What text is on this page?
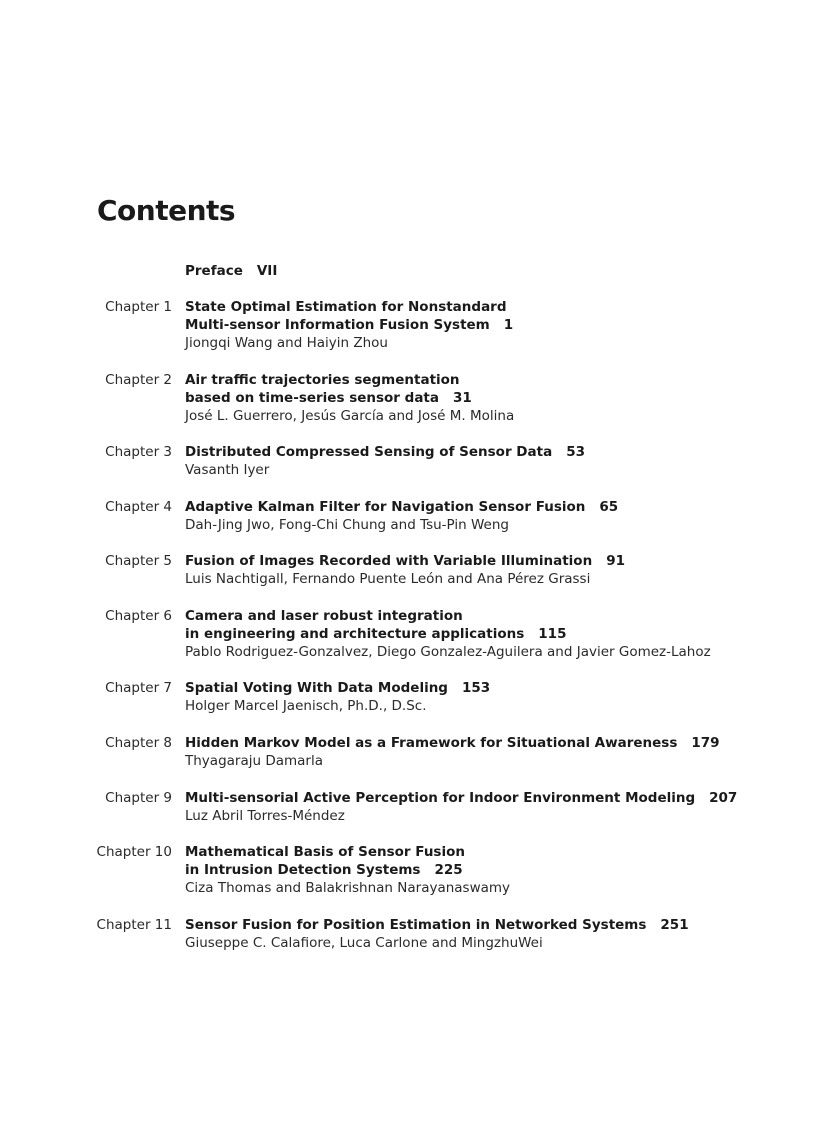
Contents
Preface VII
Chapter 1 State Optimal Estimation for Nonstandard
Multi-sensor Information Fusion System 1
Jiongqi Wang and Haiyin Zhou
Chapter 2 Air traffic trajectories segmentation
based on time-series sensor data 31
José L. Guerrero, Jesús García and José M. Molina
Chapter 3 Distributed Compressed Sensing of Sensor Data 53
Vasanth Iyer
Chapter 4 Adaptive Kalman Filter for Navigation Sensor Fusion 65
Dah-Jing Jwo, Fong-Chi Chung and Tsu-Pin Weng
Chapter 5 Fusion of Images Recorded with Variable Illumination 91
Luis Nachtigall, Fernando Puente León and Ana Pérez Grassi
Chapter 6 Camera and laser robust integration
in engineering and architecture applications 115
Pablo Rodriguez-Gonzalvez, Diego Gonzalez-Aguilera and Javier Gomez-Lahoz
Chapter 7 Spatial Voting With Data Modeling 153
Holger Marcel Jaenisch, Ph.D., D.Sc.
Chapter 8 Hidden Markov Model as a Framework for Situational Awareness 179
Thyagaraju Damarla
Chapter 9 Multi-sensorial Active Perception for Indoor Environment Modeling 207
Luz Abril Torres-Méndez
Chapter 10 Mathematical Basis of Sensor Fusion
in Intrusion Detection Systems 225
Ciza Thomas and Balakrishnan Narayanaswamy
Chapter 11 Sensor Fusion for Position Estimation in Networked Systems 251
Giuseppe C. Calafiore, Luca Carlone and MingzhuWei
